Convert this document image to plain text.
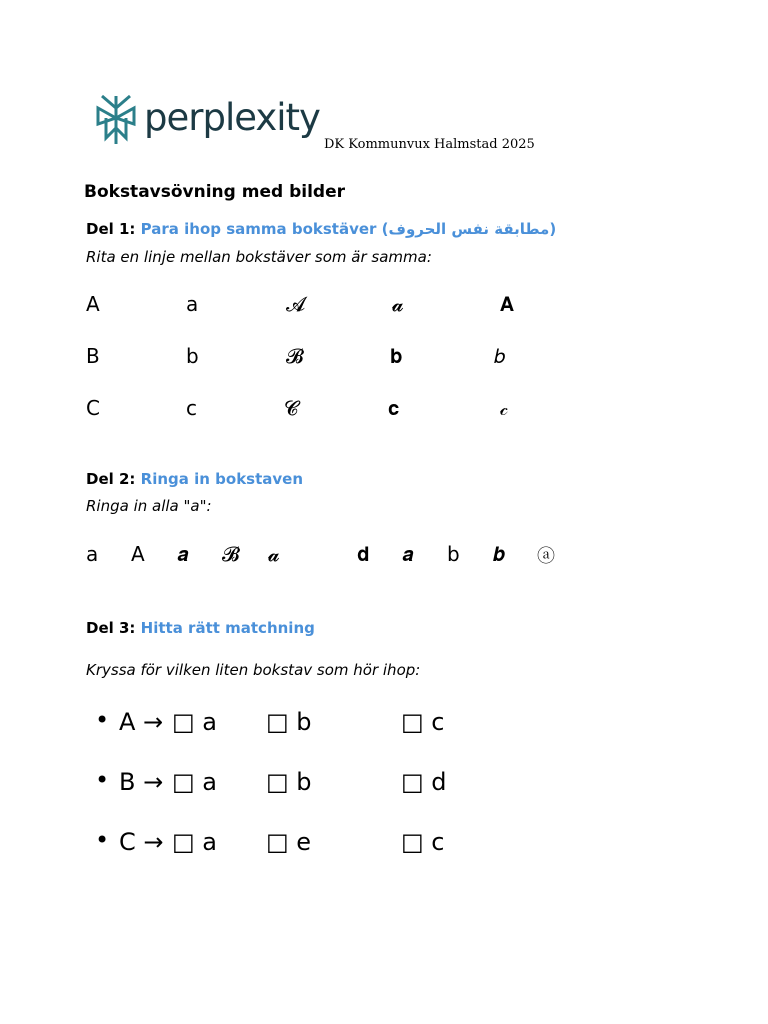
perplexity
DK Kommunvux Halmstad 2025
Bokstavsövning med bilder
Del 1: Para ihop samma bokstäver (مطابقة نفس الحروف)
Rita en linje mellan bokstäver som är samma:
A	a	𝓐	𝓪	𝐀
B	b	𝓑	𝐛	𝑏
C	c	𝓒	𝐜	𝒸
Del 2: Ringa in bokstaven
Ringa in alla "a":
a A 𝒂 𝓑 𝓪	𝐝 𝒂 b 𝒃 ⓐ
Del 3: Hitta rätt matchning
Kryssa för vilken liten bokstav som hör ihop:
• A → □ a □ b	□ c
• B → □ a □ b	□ d
• C → □ a □ e	□ c
